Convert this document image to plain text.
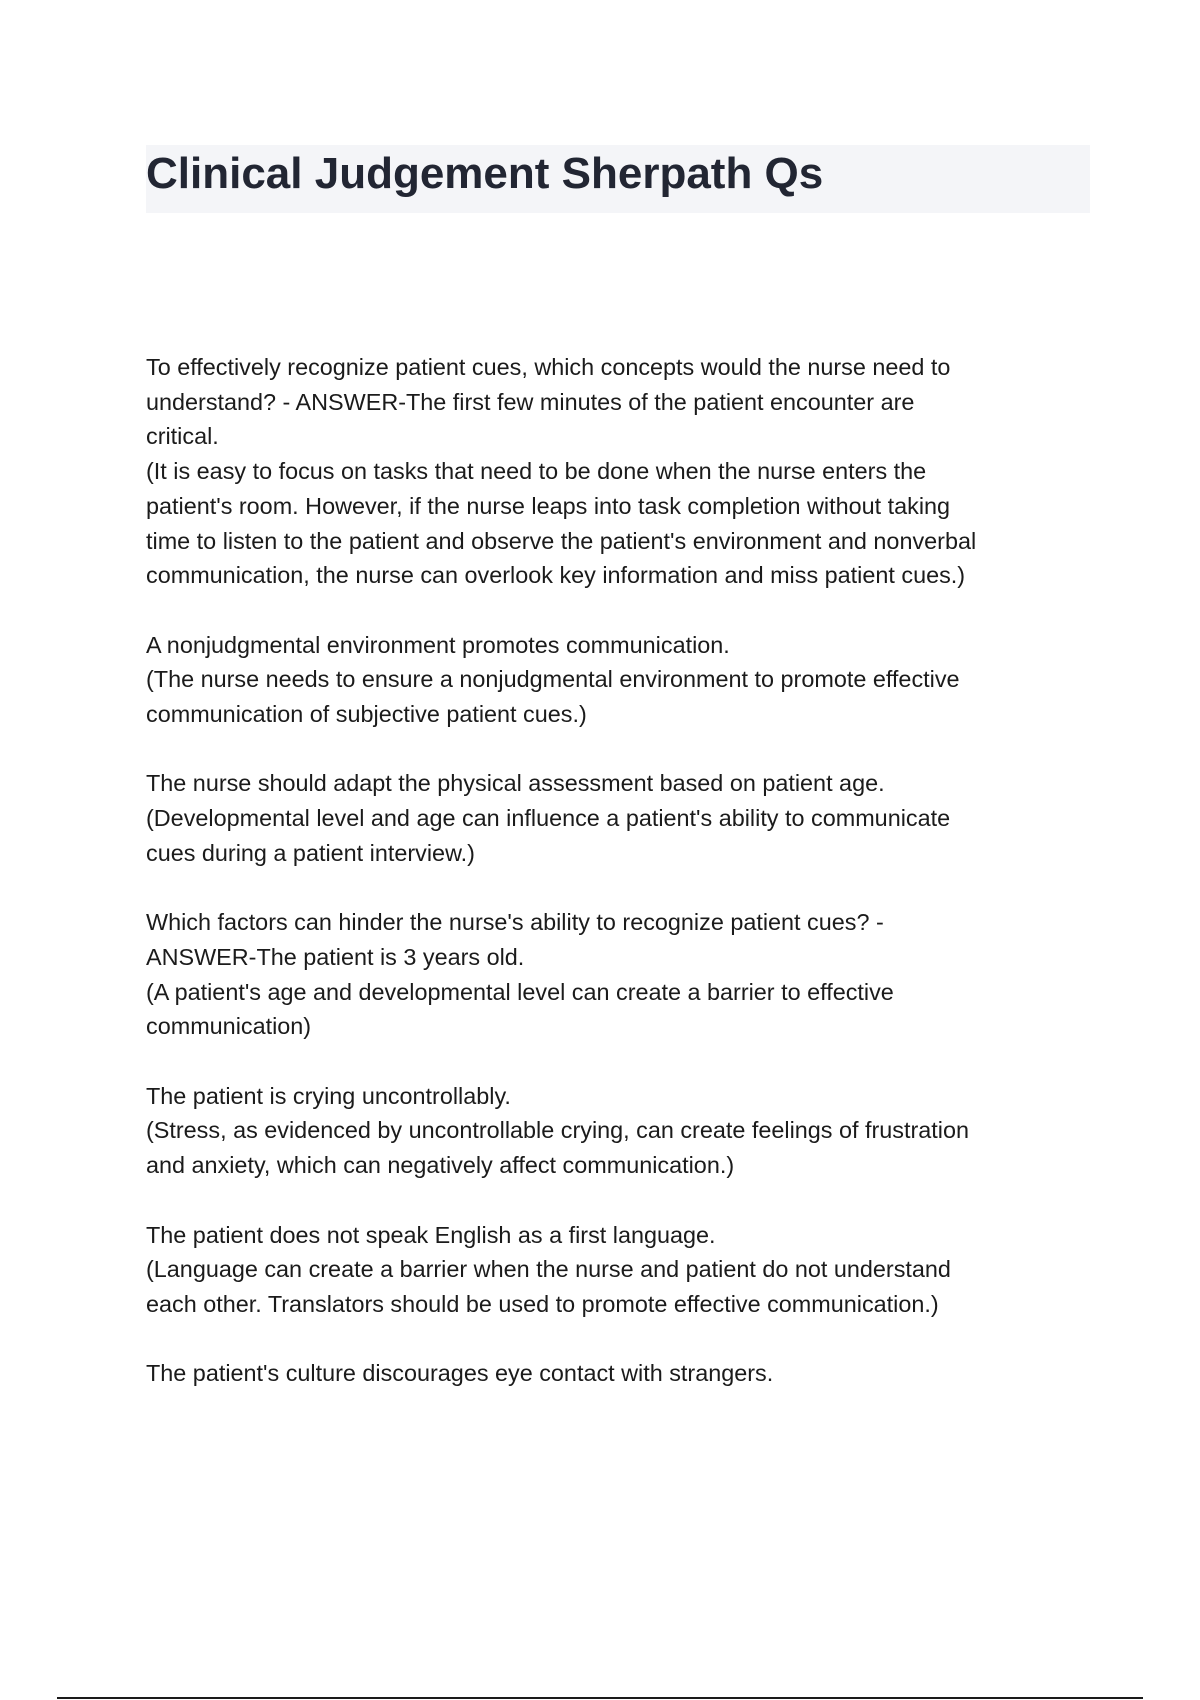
Clinical Judgement Sherpath Qs
To effectively recognize patient cues, which concepts would the nurse need to
understand? - ANSWER-The first few minutes of the patient encounter are
critical.
(It is easy to focus on tasks that need to be done when the nurse enters the
patient's room. However, if the nurse leaps into task completion without taking
time to listen to the patient and observe the patient's environment and nonverbal
communication, the nurse can overlook key information and miss patient cues.)
A nonjudgmental environment promotes communication.
(The nurse needs to ensure a nonjudgmental environment to promote effective
communication of subjective patient cues.)
The nurse should adapt the physical assessment based on patient age.
(Developmental level and age can influence a patient's ability to communicate
cues during a patient interview.)
Which factors can hinder the nurse's ability to recognize patient cues? -
ANSWER-The patient is 3 years old.
(A patient's age and developmental level can create a barrier to effective
communication)
The patient is crying uncontrollably.
(Stress, as evidenced by uncontrollable crying, can create feelings of frustration
and anxiety, which can negatively affect communication.)
The patient does not speak English as a first language.
(Language can create a barrier when the nurse and patient do not understand
each other. Translators should be used to promote effective communication.)
The patient's culture discourages eye contact with strangers.
